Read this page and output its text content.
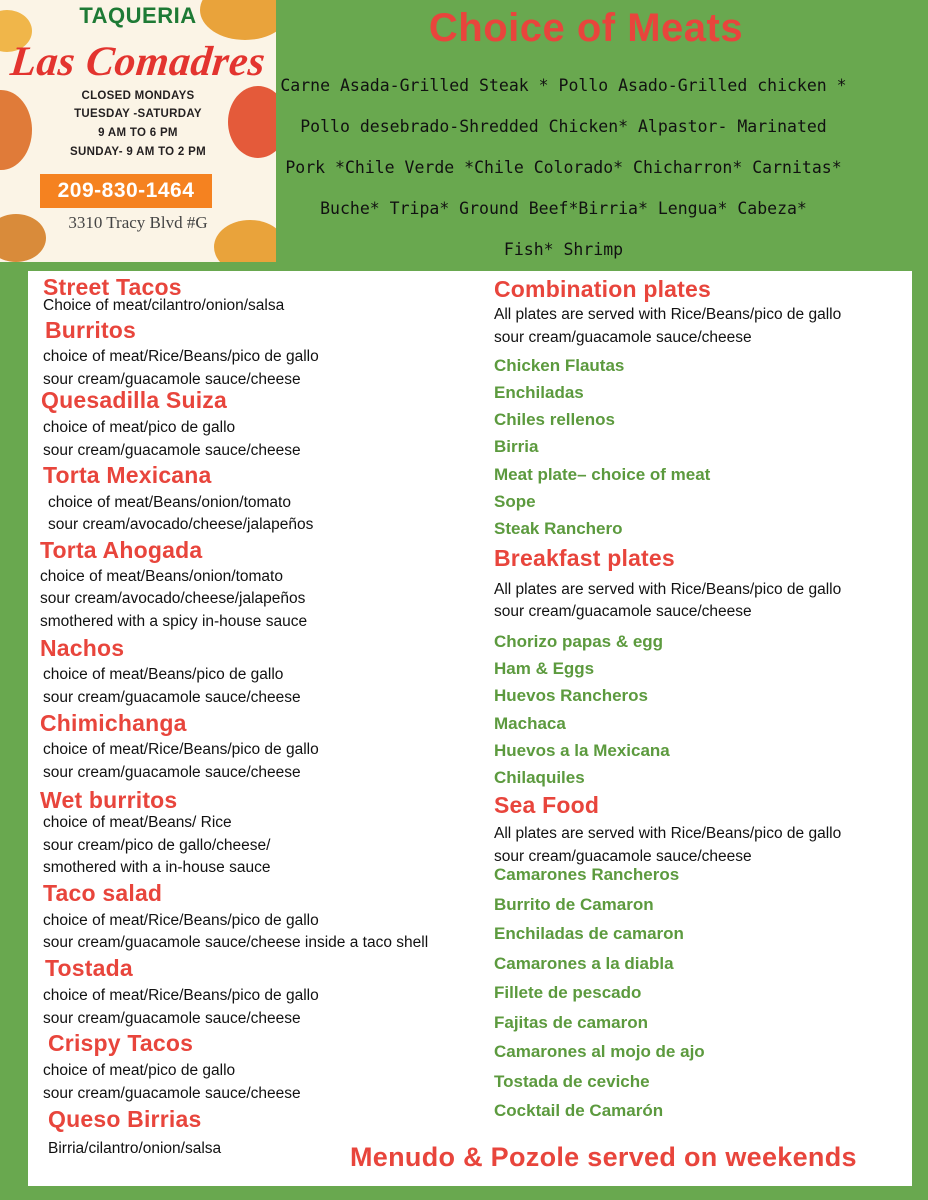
TAQUERIA
Las Comadres
CLOSED MONDAYS
TUESDAY -SATURDAY
9 AM TO 6 PM
SUNDAY- 9 AM TO 2 PM
209-830-1464
3310 Tracy Blvd #G
Choice of Meats
Carne Asada-Grilled Steak * Pollo Asado-Grilled chicken *
Pollo desebrado-Shredded Chicken* Alpastor- Marinated
Pork *Chile Verde *Chile Colorado* Chicharron* Carnitas*
Buche* Tripa* Ground Beef*Birria* Lengua* Cabeza*
Fish* Shrimp
Street Tacos
Choice of meat/cilantro/onion/salsa
Burritos
choice of meat/Rice/Beans/pico de gallo
sour cream/guacamole sauce/cheese
Quesadilla Suiza
choice of meat/pico de gallo
sour cream/guacamole sauce/cheese
Torta Mexicana
choice of meat/Beans/onion/tomato
sour cream/avocado/cheese/jalapeños
Torta Ahogada
choice of meat/Beans/onion/tomato
sour cream/avocado/cheese/jalapeños
smothered with a spicy in-house sauce
Nachos
choice of meat/Beans/pico de gallo
sour cream/guacamole sauce/cheese
Chimichanga
choice of meat/Rice/Beans/pico de gallo
sour cream/guacamole sauce/cheese
Wet burritos
choice of meat/Beans/ Rice
sour cream/pico de gallo/cheese/
smothered with a in-house sauce
Taco salad
choice of meat/Rice/Beans/pico de gallo
sour cream/guacamole sauce/cheese inside a taco shell
Tostada
choice of meat/Rice/Beans/pico de gallo
sour cream/guacamole sauce/cheese
Crispy Tacos
choice of meat/pico de gallo
sour cream/guacamole sauce/cheese
Queso Birrias
Birria/cilantro/onion/salsa
Combination plates
All plates are served with Rice/Beans/pico de gallo
sour cream/guacamole sauce/cheese
Chicken Flautas
Enchiladas
Chiles rellenos
Birria
Meat plate– choice of meat
Sope
Steak Ranchero
Breakfast plates
All plates are served with Rice/Beans/pico de gallo
sour cream/guacamole sauce/cheese
Chorizo papas & egg
Ham & Eggs
Huevos Rancheros
Machaca
Huevos a la Mexicana
Chilaquiles
Sea Food
All plates are served with Rice/Beans/pico de gallo
sour cream/guacamole sauce/cheese
Camarones Rancheros
Burrito de Camaron
Enchiladas de camaron
Camarones a la diabla
Fillete de pescado
Fajitas de camaron
Camarones al mojo de ajo
Tostada de ceviche
Cocktail de Camarón
Menudo & Pozole served on weekends
